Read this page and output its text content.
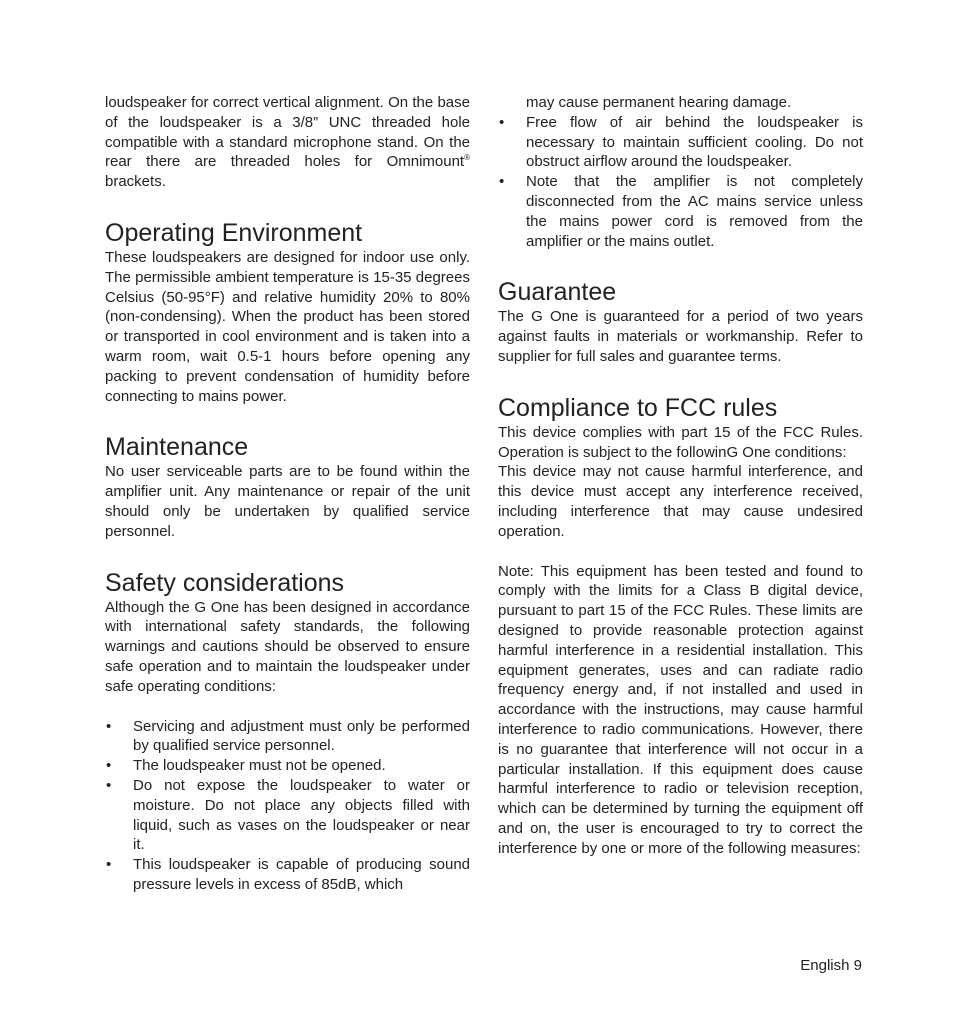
loudspeaker for correct vertical alignment. On the base of the loudspeaker is a 3/8” UNC threaded hole compatible with a standard microphone stand. On the rear there are threaded holes for Omnimount® brackets.

Operating Environment

These loudspeakers are designed for indoor use only. The permissible ambient temperature is 15-35 degrees Celsius (50-95°F) and relative humidity 20% to 80% (non-condensing). When the product has been stored or transported in cool environment and is taken into a warm room, wait 0.5-1 hours before opening any packing to prevent condensation of humidity before connecting to mains power.

Maintenance

No user serviceable parts are to be found within the amplifier unit. Any maintenance or repair of the unit should only be undertaken by qualified service personnel.

Safety considerations

Although the G One has been designed in accordance with international safety standards, the following warnings and cautions should be observed to ensure safe operation and to maintain the loudspeaker under safe operating conditions:

• Servicing and adjustment must only be performed by qualified service personnel.
• The loudspeaker must not be opened.
• Do not expose the loudspeaker to water or moisture. Do not place any objects filled with liquid, such as vases on the loudspeaker or near it.
• This loudspeaker is capable of producing sound pressure levels in excess of 85dB, which
may cause permanent hearing damage.
• Free flow of air behind the loudspeaker is necessary to maintain sufficient cooling. Do not obstruct airflow around the loudspeaker.
• Note that the amplifier is not completely disconnected from the AC mains service unless the mains power cord is removed from the amplifier or the mains outlet.
Guarantee

The G One is guaranteed for a period of two years against faults in materials or workmanship. Refer to supplier for full sales and guarantee terms.

Compliance to FCC rules

This device complies with part 15 of the FCC Rules. Operation is subject to the followinG One conditions:

This device may not cause harmful interference, and this device must accept any interference received, including interference that may cause undesired operation.

Note: This equipment has been tested and found to comply with the limits for a Class B digital device, pursuant to part 15 of the FCC Rules. These limits are designed to provide reasonable protection against harmful interference in a residential installation. This equipment generates, uses and can radiate radio frequency energy and, if not installed and used in accordance with the instructions, may cause harmful interference to radio communications. However, there is no guarantee that interference will not occur in a particular installation. If this equipment does cause harmful interference to radio or television reception, which can be determined by turning the equipment off and on, the user is encouraged to try to correct the interference by one or more of the following measures:

English 9
